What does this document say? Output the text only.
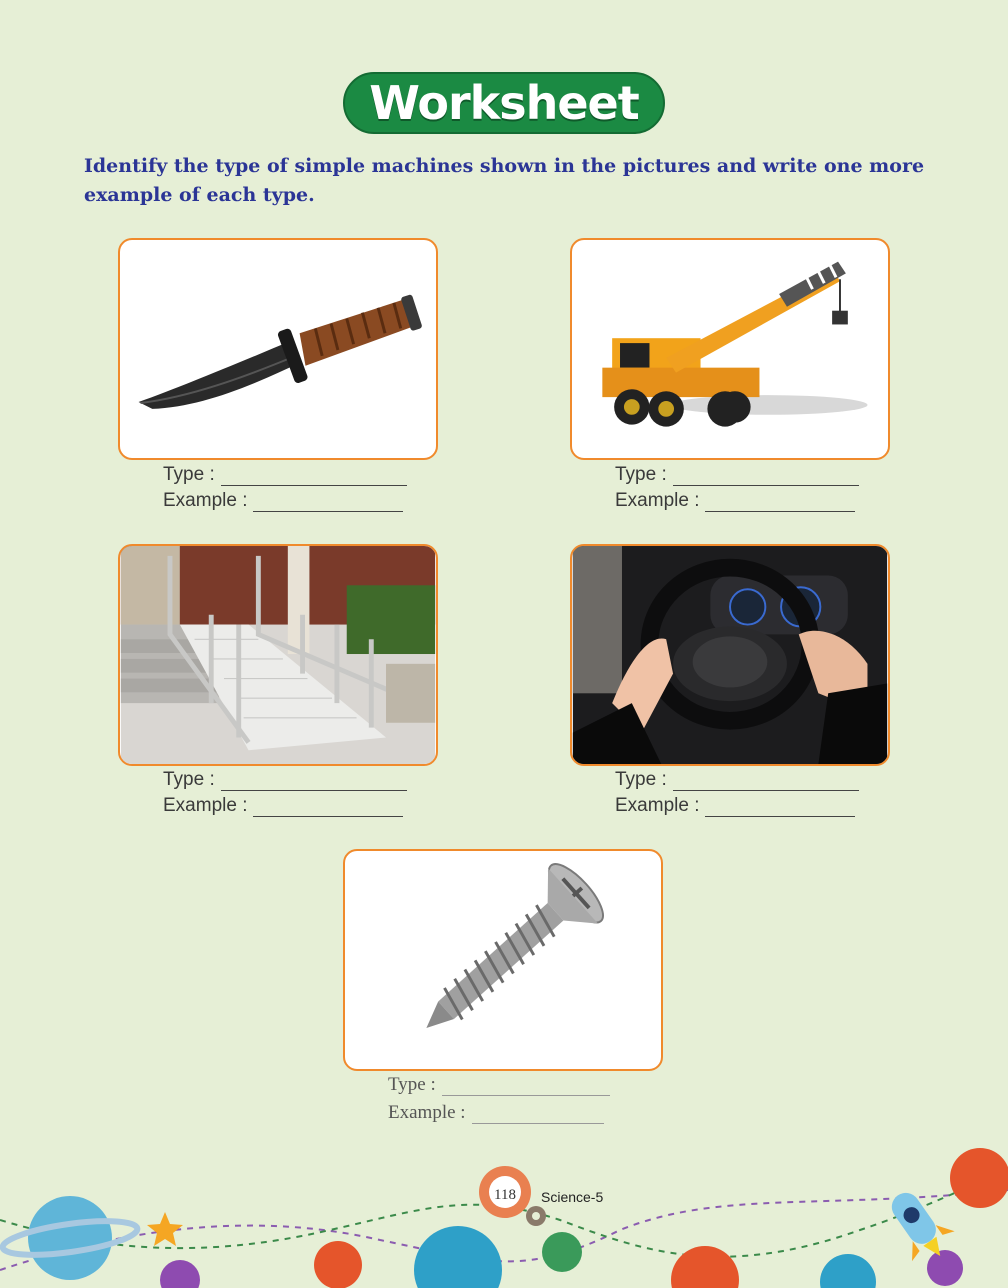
Worksheet
Identify the type of simple machines shown in the pictures and write one more example of each type.
Type :
Example :
Type :
Example :
Type :
Example :
Type :
Example :
Type :
Example :
118 Science-5
